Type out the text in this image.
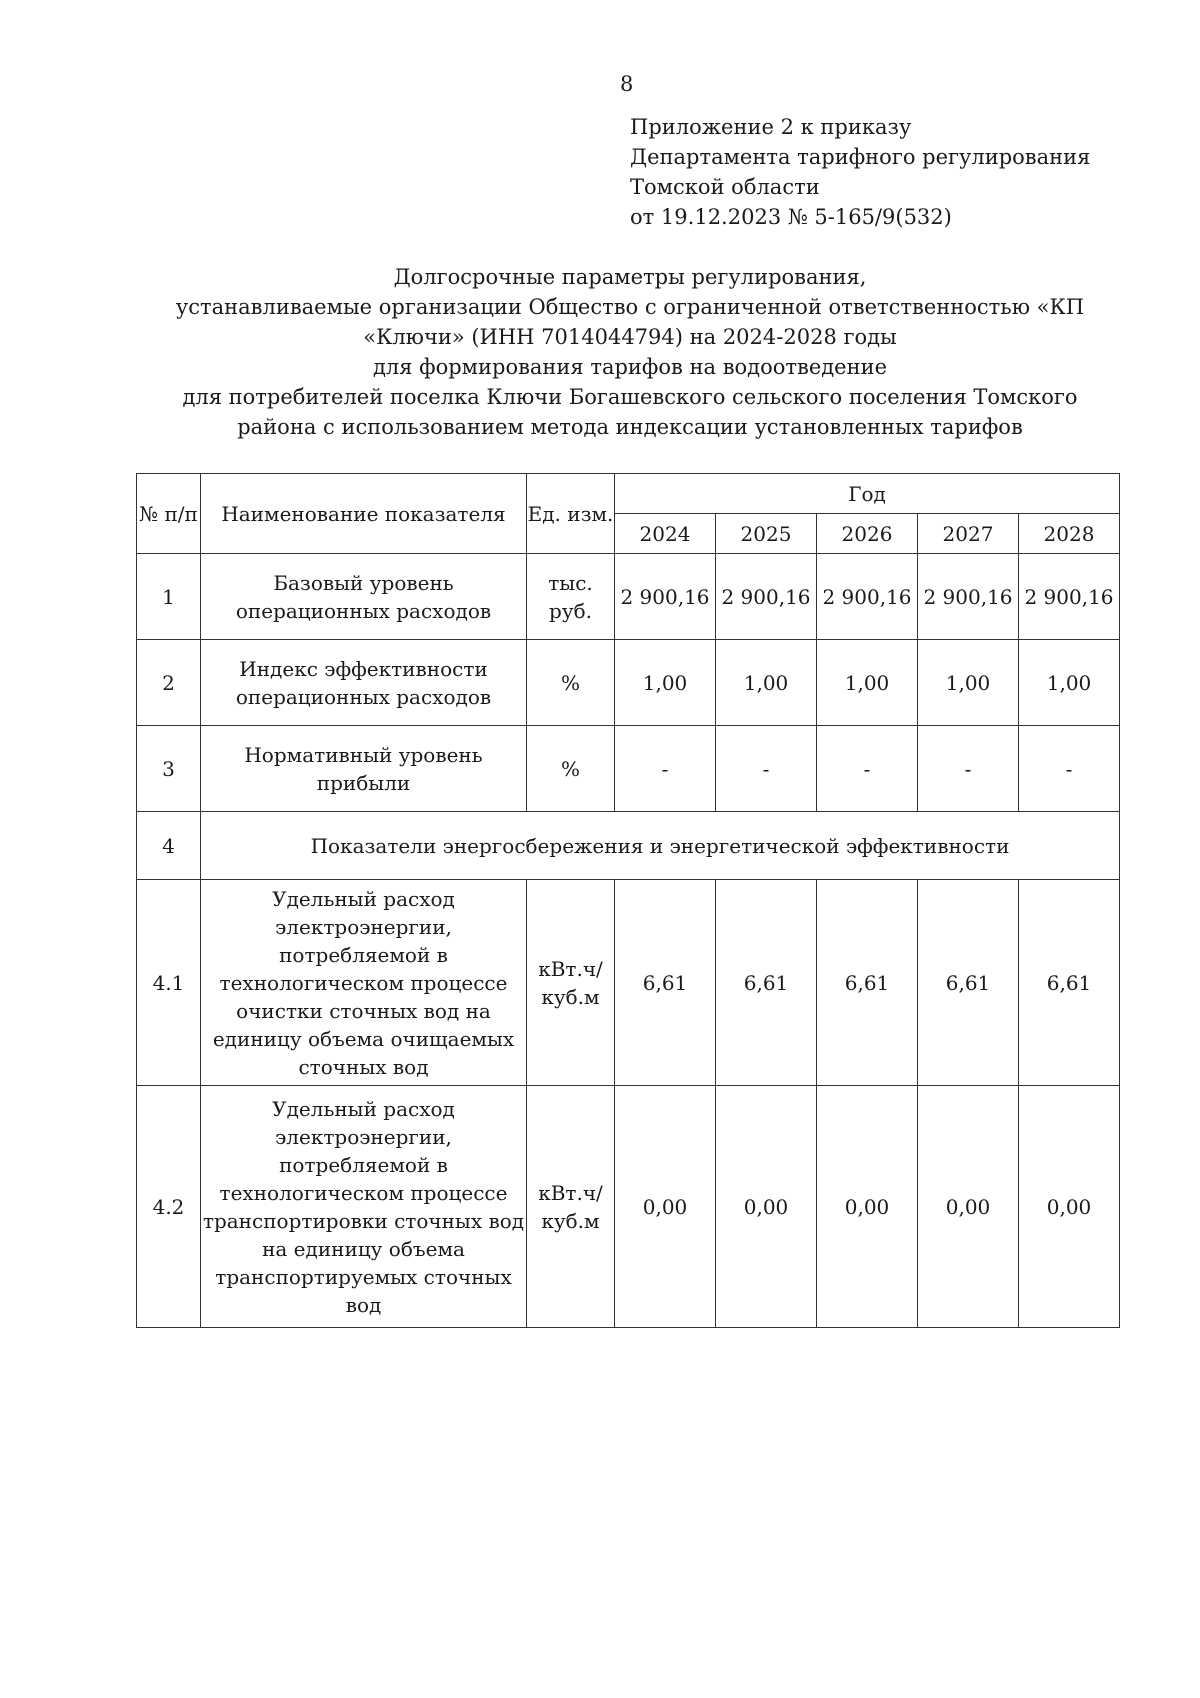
8
Приложение 2 к приказу
Департамента тарифного регулирования
Томской области
от 19.12.2023 № 5-165/9(532)
Долгосрочные параметры регулирования,
устанавливаемые организации Общество с ограниченной ответственностью «КП
«Ключи» (ИНН 7014044794) на 2024-2028 годы
для формирования тарифов на водоотведение
для потребителей поселка Ключи Богашевского сельского поселения Томского
района с использованием метода индексации установленных тарифов
№ п/п	Наименование показателя	Ед. изм.	Год				
			2024	2025	2026	2027	2028
1	Базовый уровень операционных расходов	тыс. руб.	2 900,16	2 900,16	2 900,16	2 900,16	2 900,16
2	Индекс эффективности операционных расходов	%	1,00	1,00	1,00	1,00	1,00
3	Нормативный уровень прибыли	%	-	-	-	-	-
4	Показатели энергосбережения и энергетической эффективности						
4.1	Удельный расход электроэнергии, потребляемой в технологическом процессе очистки сточных вод на единицу объема очищаемых сточных вод	кВт.ч/ куб.м	6,61	6,61	6,61	6,61	6,61
4.2	Удельный расход электроэнергии, потребляемой в технологическом процессе транспортировки сточных вод на единицу объема транспортируемых сточных вод	кВт.ч/ куб.м	0,00	0,00	0,00	0,00	0,00
